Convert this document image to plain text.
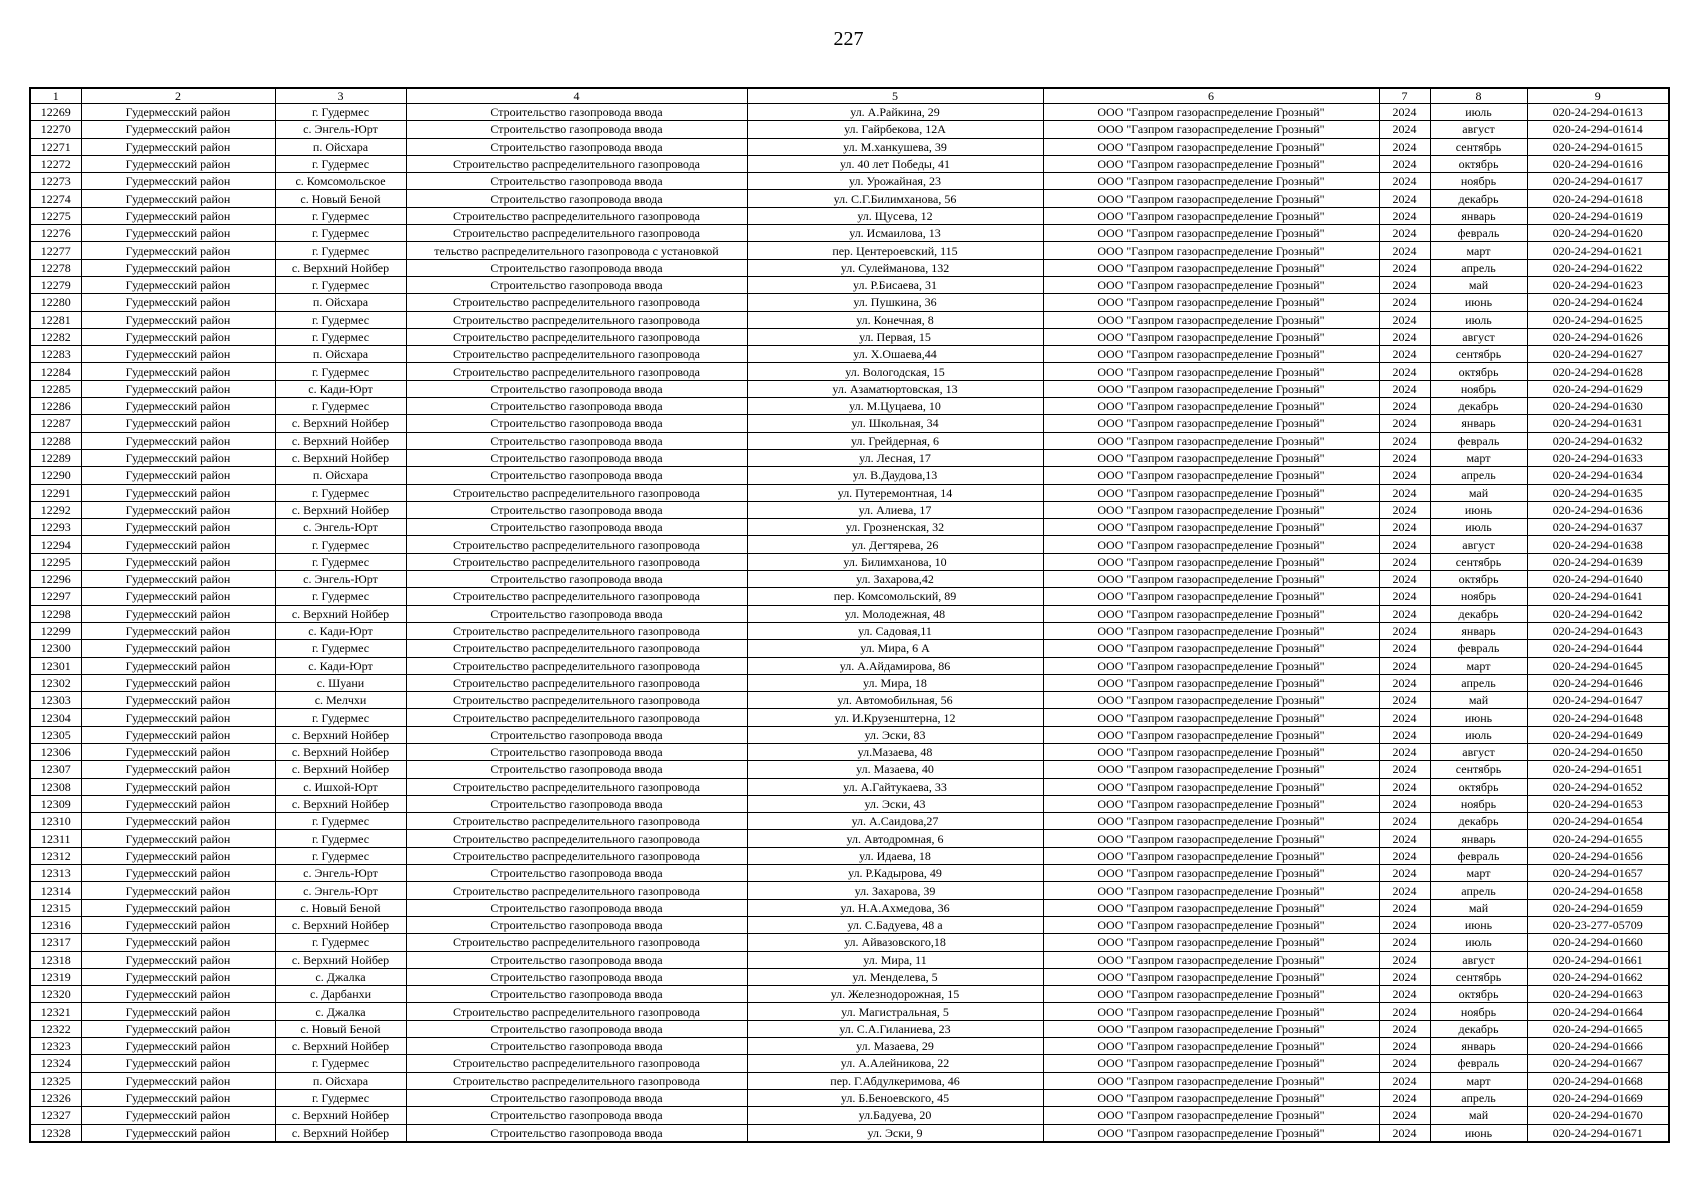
227
1	2	3	4	5	6	7	8	9
12269	Гудермесский район	г. Гудермес	Строительство газопровода ввода	ул. А.Райкина, 29	ООО "Газпром газораспределение Грозный"	2024	июль	020-24-294-01613
12270	Гудермесский район	с. Энгель-Юрт	Строительство газопровода ввода	ул. Гайрбекова, 12А	ООО "Газпром газораспределение Грозный"	2024	август	020-24-294-01614
12271	Гудермесский район	п. Ойсхара	Строительство газопровода ввода	ул. М.ханкушева, 39	ООО "Газпром газораспределение Грозный"	2024	сентябрь	020-24-294-01615
12272	Гудермесский район	г. Гудермес	Строительство распределительного газопровода	ул. 40 лет Победы, 41	ООО "Газпром газораспределение Грозный"	2024	октябрь	020-24-294-01616
12273	Гудермесский район	с. Комсомольское	Строительство газопровода ввода	ул. Урожайная, 23	ООО "Газпром газораспределение Грозный"	2024	ноябрь	020-24-294-01617
12274	Гудермесский район	с. Новый Беной	Строительство газопровода ввода	ул. С.Г.Билимханова, 56	ООО "Газпром газораспределение Грозный"	2024	декабрь	020-24-294-01618
12275	Гудермесский район	г. Гудермес	Строительство распределительного газопровода	ул. Щусева, 12	ООО "Газпром газораспределение Грозный"	2024	январь	020-24-294-01619
12276	Гудермесский район	г. Гудермес	Строительство распределительного газопровода	ул. Исмаилова, 13	ООО "Газпром газораспределение Грозный"	2024	февраль	020-24-294-01620
12277	Гудермесский район	г. Гудермес	тельство распределительного газопровода с установкой	пер. Центероевский, 115	ООО "Газпром газораспределение Грозный"	2024	март	020-24-294-01621
12278	Гудермесский район	с. Верхний Нойбер	Строительство газопровода ввода	ул. Сулейманова, 132	ООО "Газпром газораспределение Грозный"	2024	апрель	020-24-294-01622
12279	Гудермесский район	г. Гудермес	Строительство газопровода ввода	ул. Р.Бисаева, 31	ООО "Газпром газораспределение Грозный"	2024	май	020-24-294-01623
12280	Гудермесский район	п. Ойсхара	Строительство распределительного газопровода	ул. Пушкина, 36	ООО "Газпром газораспределение Грозный"	2024	июнь	020-24-294-01624
12281	Гудермесский район	г. Гудермес	Строительство распределительного газопровода	ул. Конечная, 8	ООО "Газпром газораспределение Грозный"	2024	июль	020-24-294-01625
12282	Гудермесский район	г. Гудермес	Строительство распределительного газопровода	ул. Первая, 15	ООО "Газпром газораспределение Грозный"	2024	август	020-24-294-01626
12283	Гудермесский район	п. Ойсхара	Строительство распределительного газопровода	ул. Х.Ошаева,44	ООО "Газпром газораспределение Грозный"	2024	сентябрь	020-24-294-01627
12284	Гудермесский район	г. Гудермес	Строительство распределительного газопровода	ул. Вологодская, 15	ООО "Газпром газораспределение Грозный"	2024	октябрь	020-24-294-01628
12285	Гудермесский район	с. Кади-Юрт	Строительство газопровода ввода	ул. Азаматюртовская, 13	ООО "Газпром газораспределение Грозный"	2024	ноябрь	020-24-294-01629
12286	Гудермесский район	г. Гудермес	Строительство газопровода ввода	ул. М.Цуцаева, 10	ООО "Газпром газораспределение Грозный"	2024	декабрь	020-24-294-01630
12287	Гудермесский район	с. Верхний Нойбер	Строительство газопровода ввода	ул. Школьная, 34	ООО "Газпром газораспределение Грозный"	2024	январь	020-24-294-01631
12288	Гудермесский район	с. Верхний Нойбер	Строительство газопровода ввода	ул. Грейдерная, 6	ООО "Газпром газораспределение Грозный"	2024	февраль	020-24-294-01632
12289	Гудермесский район	с. Верхний Нойбер	Строительство газопровода ввода	ул. Лесная, 17	ООО "Газпром газораспределение Грозный"	2024	март	020-24-294-01633
12290	Гудермесский район	п. Ойсхара	Строительство газопровода ввода	ул. В.Даудова,13	ООО "Газпром газораспределение Грозный"	2024	апрель	020-24-294-01634
12291	Гудермесский район	г. Гудермес	Строительство распределительного газопровода	ул. Путеремонтная, 14	ООО "Газпром газораспределение Грозный"	2024	май	020-24-294-01635
12292	Гудермесский район	с. Верхний Нойбер	Строительство газопровода ввода	ул. Алиева, 17	ООО "Газпром газораспределение Грозный"	2024	июнь	020-24-294-01636
12293	Гудермесский район	с. Энгель-Юрт	Строительство газопровода ввода	ул. Грозненская, 32	ООО "Газпром газораспределение Грозный"	2024	июль	020-24-294-01637
12294	Гудермесский район	г. Гудермес	Строительство распределительного газопровода	ул. Дегтярева, 26	ООО "Газпром газораспределение Грозный"	2024	август	020-24-294-01638
12295	Гудермесский район	г. Гудермес	Строительство распределительного газопровода	ул. Билимханова, 10	ООО "Газпром газораспределение Грозный"	2024	сентябрь	020-24-294-01639
12296	Гудермесский район	с. Энгель-Юрт	Строительство газопровода ввода	ул. Захарова,42	ООО "Газпром газораспределение Грозный"	2024	октябрь	020-24-294-01640
12297	Гудермесский район	г. Гудермес	Строительство распределительного газопровода	пер. Комсомольский, 89	ООО "Газпром газораспределение Грозный"	2024	ноябрь	020-24-294-01641
12298	Гудермесский район	с. Верхний Нойбер	Строительство газопровода ввода	ул. Молодежная, 48	ООО "Газпром газораспределение Грозный"	2024	декабрь	020-24-294-01642
12299	Гудермесский район	с. Кади-Юрт	Строительство распределительного газопровода	ул. Садовая,11	ООО "Газпром газораспределение Грозный"	2024	январь	020-24-294-01643
12300	Гудермесский район	г. Гудермес	Строительство распределительного газопровода	ул. Мира, 6 А	ООО "Газпром газораспределение Грозный"	2024	февраль	020-24-294-01644
12301	Гудермесский район	с. Кади-Юрт	Строительство распределительного газопровода	ул. А.Айдамирова, 86	ООО "Газпром газораспределение Грозный"	2024	март	020-24-294-01645
12302	Гудермесский район	с. Шуани	Строительство распределительного газопровода	ул. Мира, 18	ООО "Газпром газораспределение Грозный"	2024	апрель	020-24-294-01646
12303	Гудермесский район	с. Мелчхи	Строительство распределительного газопровода	ул. Автомобильная, 56	ООО "Газпром газораспределение Грозный"	2024	май	020-24-294-01647
12304	Гудермесский район	г. Гудермес	Строительство распределительного газопровода	ул. И.Крузенштерна, 12	ООО "Газпром газораспределение Грозный"	2024	июнь	020-24-294-01648
12305	Гудермесский район	с. Верхний Нойбер	Строительство газопровода ввода	ул. Эски, 83	ООО "Газпром газораспределение Грозный"	2024	июль	020-24-294-01649
12306	Гудермесский район	с. Верхний Нойбер	Строительство газопровода ввода	ул.Мазаева, 48	ООО "Газпром газораспределение Грозный"	2024	август	020-24-294-01650
12307	Гудермесский район	с. Верхний Нойбер	Строительство газопровода ввода	ул. Мазаева, 40	ООО "Газпром газораспределение Грозный"	2024	сентябрь	020-24-294-01651
12308	Гудермесский район	с. Ишхой-Юрт	Строительство распределительного газопровода	ул. А.Гайтукаева, 33	ООО "Газпром газораспределение Грозный"	2024	октябрь	020-24-294-01652
12309	Гудермесский район	с. Верхний Нойбер	Строительство газопровода ввода	ул. Эски, 43	ООО "Газпром газораспределение Грозный"	2024	ноябрь	020-24-294-01653
12310	Гудермесский район	г. Гудермес	Строительство распределительного газопровода	ул. А.Саидова,27	ООО "Газпром газораспределение Грозный"	2024	декабрь	020-24-294-01654
12311	Гудермесский район	г. Гудермес	Строительство распределительного газопровода	ул. Автодромная, 6	ООО "Газпром газораспределение Грозный"	2024	январь	020-24-294-01655
12312	Гудермесский район	г. Гудермес	Строительство распределительного газопровода	ул. Идаева, 18	ООО "Газпром газораспределение Грозный"	2024	февраль	020-24-294-01656
12313	Гудермесский район	с. Энгель-Юрт	Строительство газопровода ввода	ул. Р.Кадырова, 49	ООО "Газпром газораспределение Грозный"	2024	март	020-24-294-01657
12314	Гудермесский район	с. Энгель-Юрт	Строительство распределительного газопровода	ул. Захарова, 39	ООО "Газпром газораспределение Грозный"	2024	апрель	020-24-294-01658
12315	Гудермесский район	с. Новый Беной	Строительство газопровода ввода	ул. Н.А.Ахмедова, 36	ООО "Газпром газораспределение Грозный"	2024	май	020-24-294-01659
12316	Гудермесский район	с. Верхний Нойбер	Строительство газопровода ввода	ул. С.Бадуева, 48 а	ООО "Газпром газораспределение Грозный"	2024	июнь	020-23-277-05709
12317	Гудермесский район	г. Гудермес	Строительство распределительного газопровода	ул. Айвазовского,18	ООО "Газпром газораспределение Грозный"	2024	июль	020-24-294-01660
12318	Гудермесский район	с. Верхний Нойбер	Строительство газопровода ввода	ул. Мира, 11	ООО "Газпром газораспределение Грозный"	2024	август	020-24-294-01661
12319	Гудермесский район	с. Джалка	Строительство газопровода ввода	ул. Менделева, 5	ООО "Газпром газораспределение Грозный"	2024	сентябрь	020-24-294-01662
12320	Гудермесский район	с. Дарбанхи	Строительство газопровода ввода	ул. Железнодорожная, 15	ООО "Газпром газораспределение Грозный"	2024	октябрь	020-24-294-01663
12321	Гудермесский район	с. Джалка	Строительство распределительного газопровода	ул. Магистральная, 5	ООО "Газпром газораспределение Грозный"	2024	ноябрь	020-24-294-01664
12322	Гудермесский район	с. Новый Беной	Строительство газопровода ввода	ул. С.А.Гиланиева, 23	ООО "Газпром газораспределение Грозный"	2024	декабрь	020-24-294-01665
12323	Гудермесский район	с. Верхний Нойбер	Строительство газопровода ввода	ул. Мазаева, 29	ООО "Газпром газораспределение Грозный"	2024	январь	020-24-294-01666
12324	Гудермесский район	г. Гудермес	Строительство распределительного газопровода	ул. А.Алейникова, 22	ООО "Газпром газораспределение Грозный"	2024	февраль	020-24-294-01667
12325	Гудермесский район	п. Ойсхара	Строительство распределительного газопровода	пер. Г.Абдулкеримова, 46	ООО "Газпром газораспределение Грозный"	2024	март	020-24-294-01668
12326	Гудермесский район	г. Гудермес	Строительство газопровода ввода	ул. Б.Беноевского, 45	ООО "Газпром газораспределение Грозный"	2024	апрель	020-24-294-01669
12327	Гудермесский район	с. Верхний Нойбер	Строительство газопровода ввода	ул.Бадуева, 20	ООО "Газпром газораспределение Грозный"	2024	май	020-24-294-01670
12328	Гудермесский район	с. Верхний Нойбер	Строительство газопровода ввода	ул. Эски, 9	ООО "Газпром газораспределение Грозный"	2024	июнь	020-24-294-01671
